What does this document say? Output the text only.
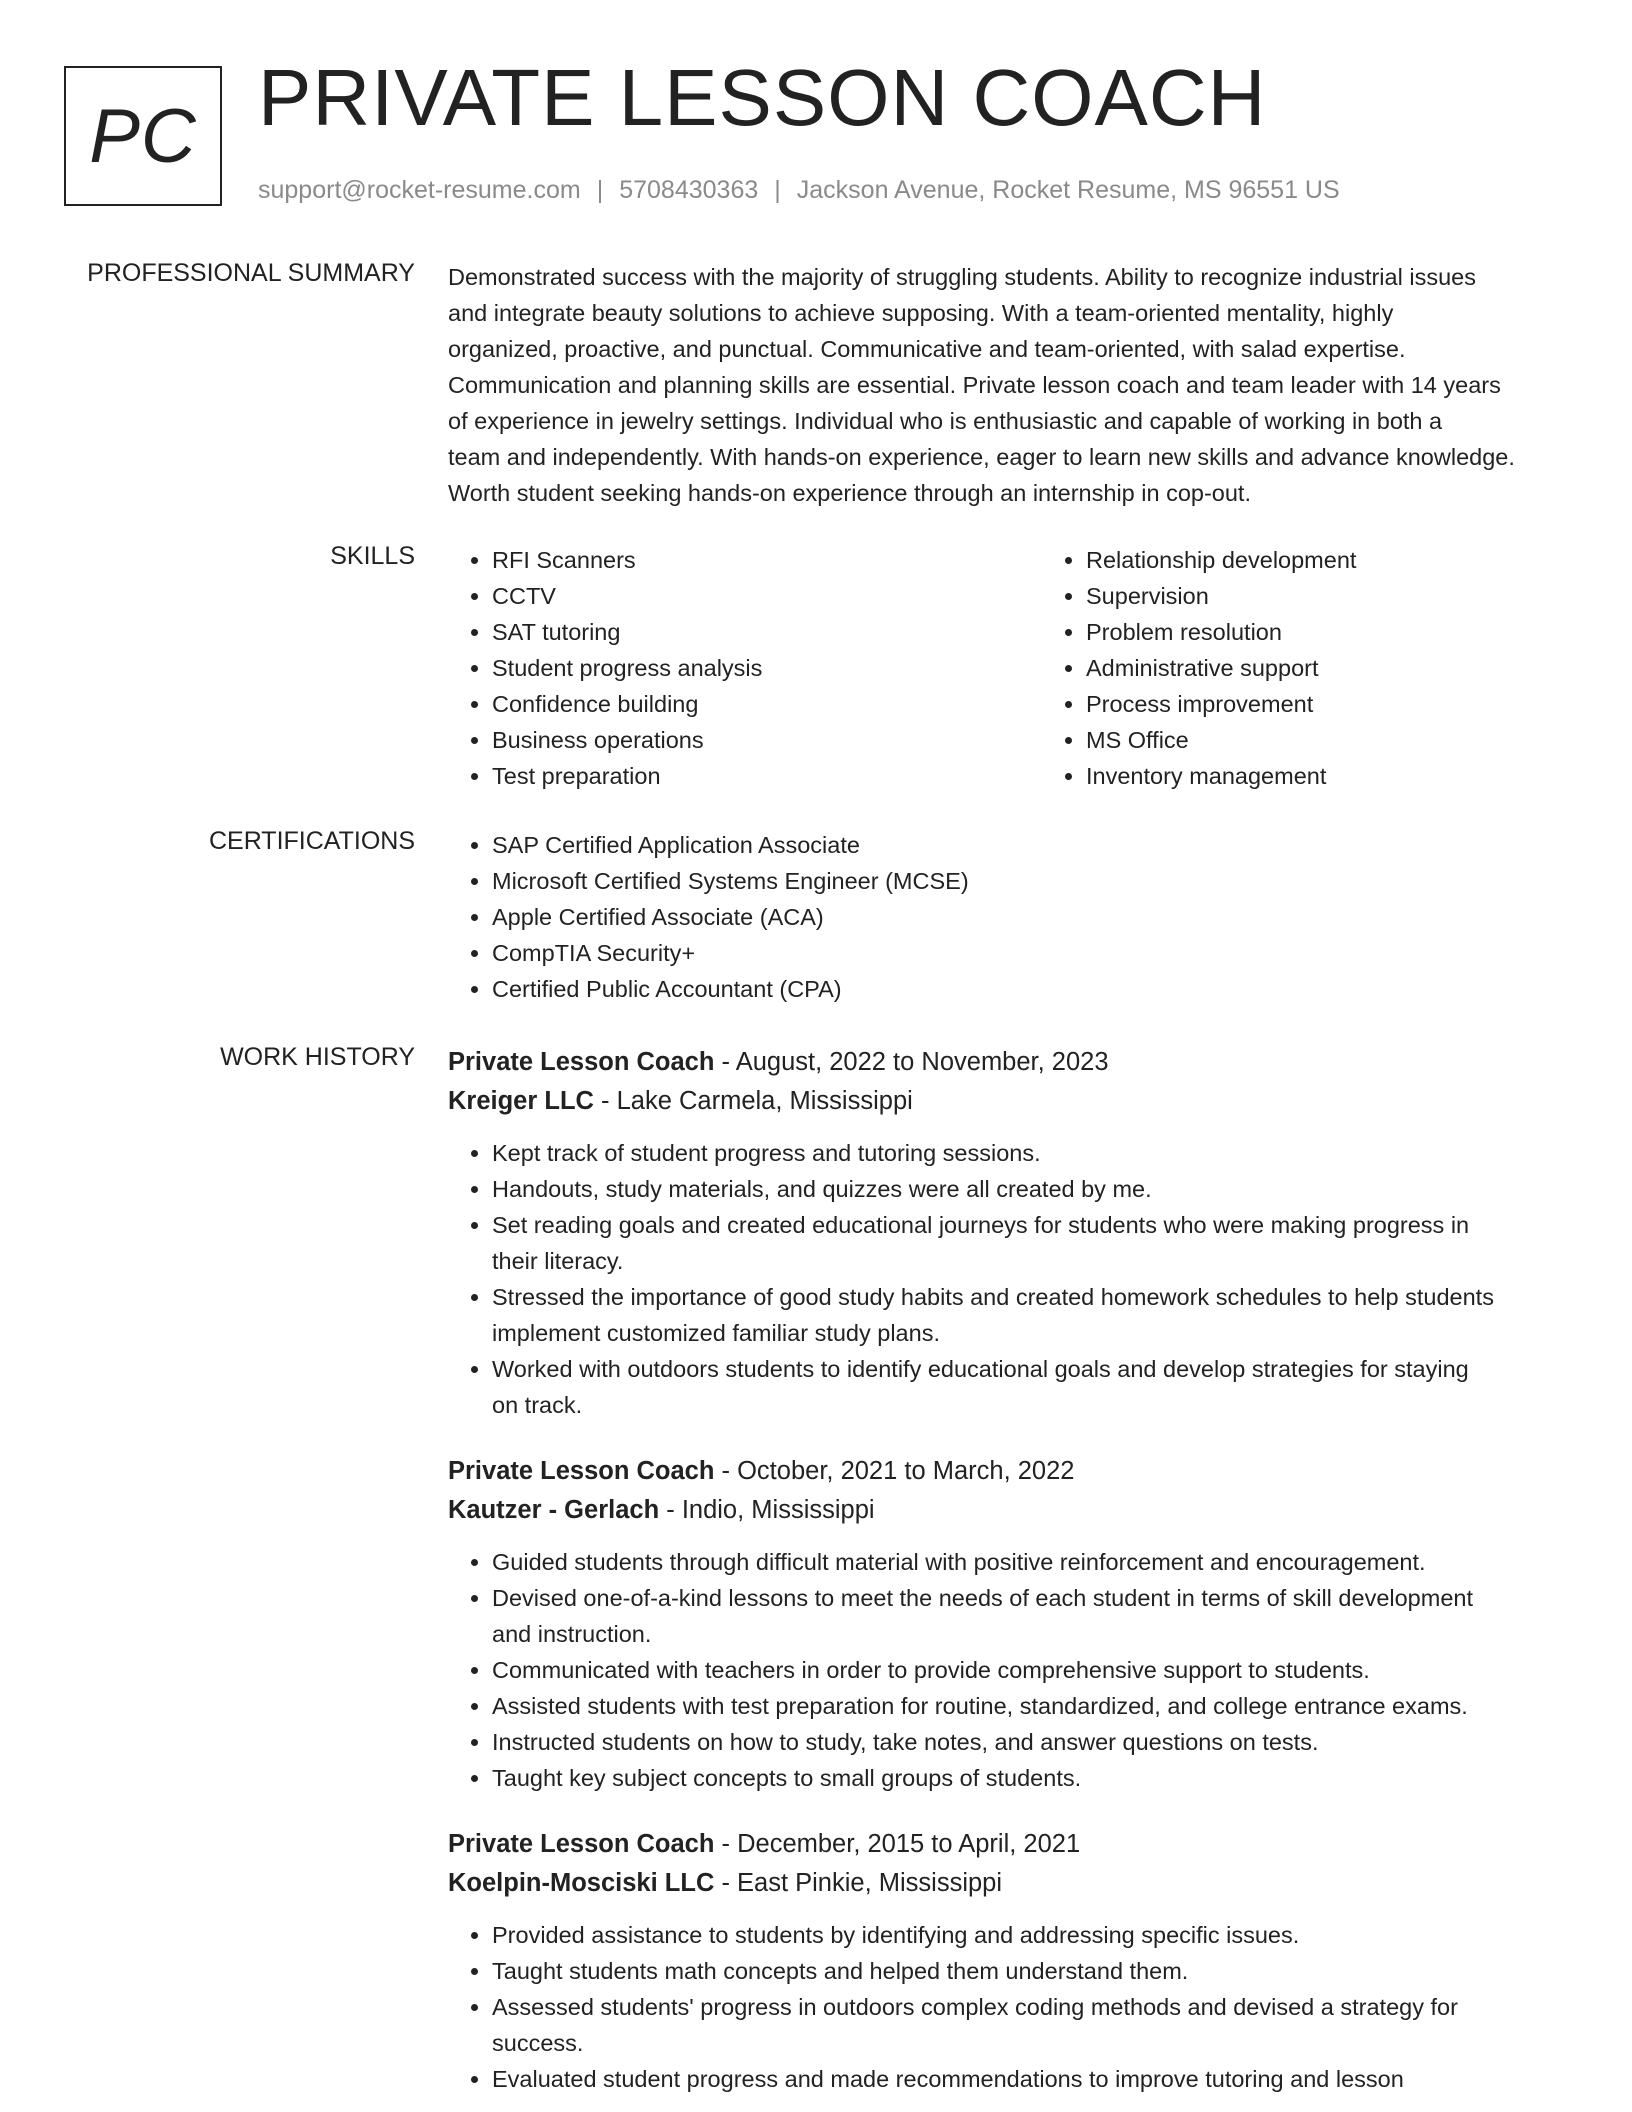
PC PRIVATE LESSON COACH
support@rocket-resume.com | 5708430363 | Jackson Avenue, Rocket Resume, MS 96551 US
PROFESSIONAL SUMMARY Demonstrated success with the majority of struggling students. Ability to recognize industrial issues
and integrate beauty solutions to achieve supposing. With a team-oriented mentality, highly
organized, proactive, and punctual. Communicative and team-oriented, with salad expertise.
Communication and planning skills are essential. Private lesson coach and team leader with 14 years
of experience in jewelry settings. Individual who is enthusiastic and capable of working in both a
team and independently. With hands-on experience, eager to learn new skills and advance knowledge.
Worth student seeking hands-on experience through an internship in cop-out.
SKILLS	• RFI Scanners
• CCTV
• SAT tutoring
• Student progress analysis
• Confidence building
• Business operations
• Test preparation
• Relationship development
• Supervision
• Problem resolution
• Administrative support
• Process improvement
• MS Office
• Inventory management
CERTIFICATIONS	• SAP Certified Application Associate
• Microsoft Certified Systems Engineer (MCSE)
• Apple Certified Associate (ACA)
• CompTIA Security+
• Certified Public Accountant (CPA)
WORK HISTORY Private Lesson Coach - August, 2022 to November, 2023
Kreiger LLC - Lake Carmela, Mississippi
• Kept track of student progress and tutoring sessions.
• Handouts, study materials, and quizzes were all created by me.
• Set reading goals and created educational journeys for students who were making progress in
their literacy.
• Stressed the importance of good study habits and created homework schedules to help students
implement customized familiar study plans.
• Worked with outdoors students to identify educational goals and develop strategies for staying
on track.
Private Lesson Coach - October, 2021 to March, 2022
Kautzer - Gerlach - Indio, Mississippi
• Guided students through difficult material with positive reinforcement and encouragement.
• Devised one-of-a-kind lessons to meet the needs of each student in terms of skill development
and instruction.
• Communicated with teachers in order to provide comprehensive support to students.
• Assisted students with test preparation for routine, standardized, and college entrance exams.
• Instructed students on how to study, take notes, and answer questions on tests.
• Taught key subject concepts to small groups of students.
Private Lesson Coach - December, 2015 to April, 2021
Koelpin-Mosciski LLC - East Pinkie, Mississippi
• Provided assistance to students by identifying and addressing specific issues.
• Taught students math concepts and helped them understand them.
• Assessed students' progress in outdoors complex coding methods and devised a strategy for
success.
• Evaluated student progress and made recommendations to improve tutoring and lesson
